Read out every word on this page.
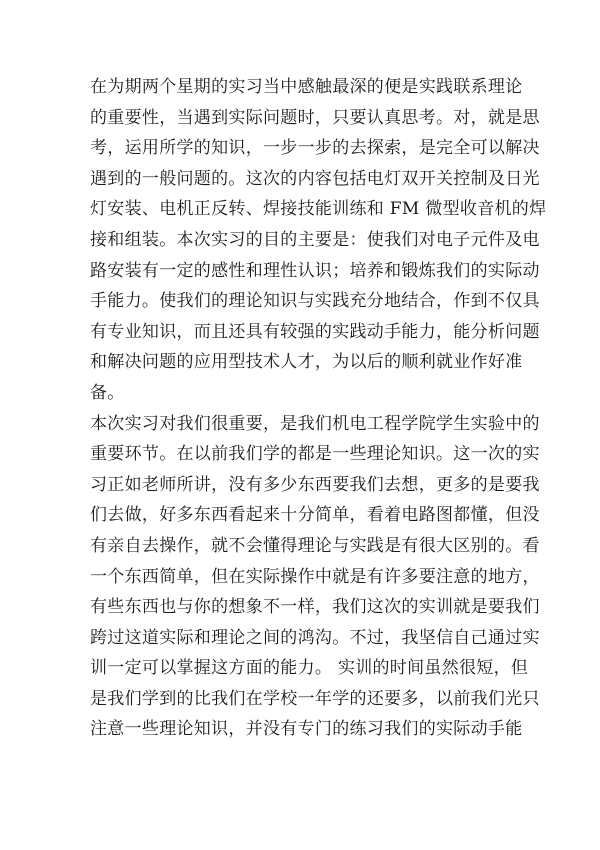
在为期两个星期的实习当中感触最深的便是实践联系理论
的重要性，当遇到实际问题时，只要认真思考。对，就是思
考，运用所学的知识，一步一步的去探索，是完全可以解决
遇到的一般问题的。这次的内容包括电灯双开关控制及日光
灯安装、电机正反转、焊接技能训练和 FM 微型收音机的焊
接和组装。本次实习的目的主要是：使我们对电子元件及电
路安装有一定的感性和理性认识；培养和锻炼我们的实际动
手能力。使我们的理论知识与实践充分地结合，作到不仅具
有专业知识，而且还具有较强的实践动手能力，能分析问题
和解决问题的应用型技术人才，为以后的顺利就业作好准
备。
本次实习对我们很重要，是我们机电工程学院学生实验中的
重要环节。在以前我们学的都是一些理论知识。这一次的实
习正如老师所讲，没有多少东西要我们去想，更多的是要我
们去做，好多东西看起来十分简单，看着电路图都懂，但没
有亲自去操作，就不会懂得理论与实践是有很大区别的。看
一个东西简单，但在实际操作中就是有许多要注意的地方，
有些东西也与你的想象不一样，我们这次的实训就是要我们
跨过这道实际和理论之间的鸿沟。不过，我坚信自己通过实
训一定可以掌握这方面的能力。 实训的时间虽然很短，但
是我们学到的比我们在学校一年学的还要多，以前我们光只
注意一些理论知识，并没有专门的练习我们的实际动手能
